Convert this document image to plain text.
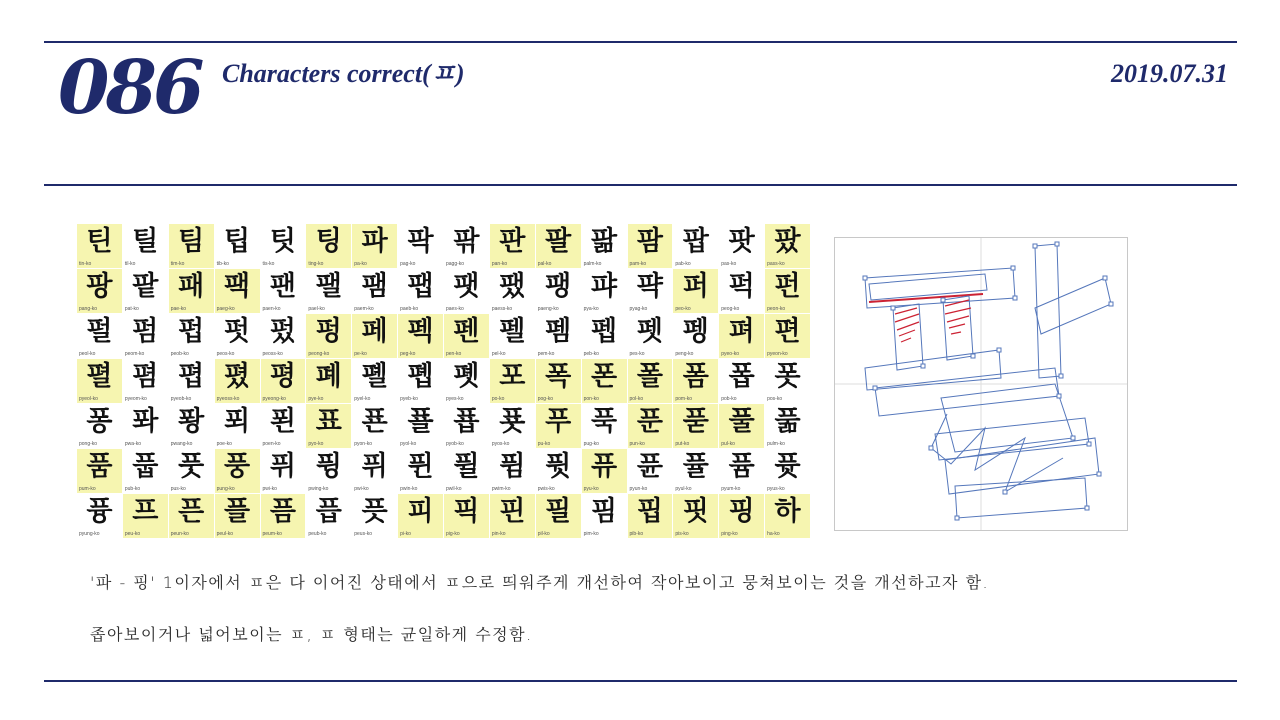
086 Characters correct(ㅍ)	2019.07.31
틴
tin-ko
틸
til-ko
팀
tim-ko
팁
tib-ko
팃
tis-ko
팅
ting-ko
파
pa-ko
팍
pag-ko
팎
pagg-ko
판
pan-ko
팔
pal-ko
팖
palm-ko
팜
pam-ko
팝
pab-ko
팟
pas-ko
팠
pass-ko
팡
pang-ko
팥
pat-ko
패
pae-ko
팩
paeg-ko
팬
paen-ko
팰
pael-ko
팸
paem-ko
팹
paeb-ko
팻
paes-ko
팼
paess-ko
팽
paeng-ko
퍄
pya-ko
퍅
pyag-ko
퍼
peo-ko
퍽
peog-ko
펀
peon-ko
펄
peol-ko
펌
peom-ko
펍
peob-ko
펏
peos-ko
펐
peoss-ko
펑
peong-ko
페
pe-ko
펙
peg-ko
펜
pen-ko
펠
pel-ko
펨
pem-ko
펩
peb-ko
펫
pes-ko
펭
peng-ko
펴
pyeo-ko
편
pyeon-ko
펼
pyeol-ko
폄
pyeom-ko
폅
pyeob-ko
폈
pyeoss-ko
평
pyeong-ko
폐
pye-ko
폘
pyel-ko
폡
pyeb-ko
폣
pyes-ko
포
po-ko
폭
pog-ko
폰
pon-ko
폴
pol-ko
폼
pom-ko
폽
pob-ko
폿
pos-ko
퐁
pong-ko
퐈
pwa-ko
퐝
pwang-ko
푀
poe-ko
푄
poen-ko
표
pyo-ko
푠
pyon-ko
푤
pyol-ko
푭
pyob-ko
푯
pyos-ko
푸
pu-ko
푹
pug-ko
푼
pun-ko
푿
put-ko
풀
pul-ko
풂
pulm-ko
품
pum-ko
풉
pub-ko
풋
pus-ko
풍
pung-ko
퓌
pwi-ko
퓡
pwing-ko
퓌
pwi-ko
퓐
pwin-ko
퓔
pwil-ko
퓜
pwim-ko
퓟
pwis-ko
퓨
pyu-ko
퓬
pyun-ko
퓰
pyul-ko
퓸
pyum-ko
퓻
pyus-ko
퓽
pyung-ko
프
peu-ko
픈
peun-ko
플
peul-ko
픔
peum-ko
픕
peub-ko
픗
peus-ko
피
pi-ko
픽
pig-ko
핀
pin-ko
필
pil-ko
핌
pim-ko
핍
pib-ko
핏
pis-ko
핑
ping-ko
하
ha-ko
'파 - 핑' 1이자에서 ㅍ은 다 이어진 상태에서 ㅍ으로 띄워주게 개선하여 작아보이고 뭉쳐보이는 것을 개선하고자 함.
좁아보이거나 넓어보이는 ㅍ, ㅍ 형태는 균일하게 수정함.
